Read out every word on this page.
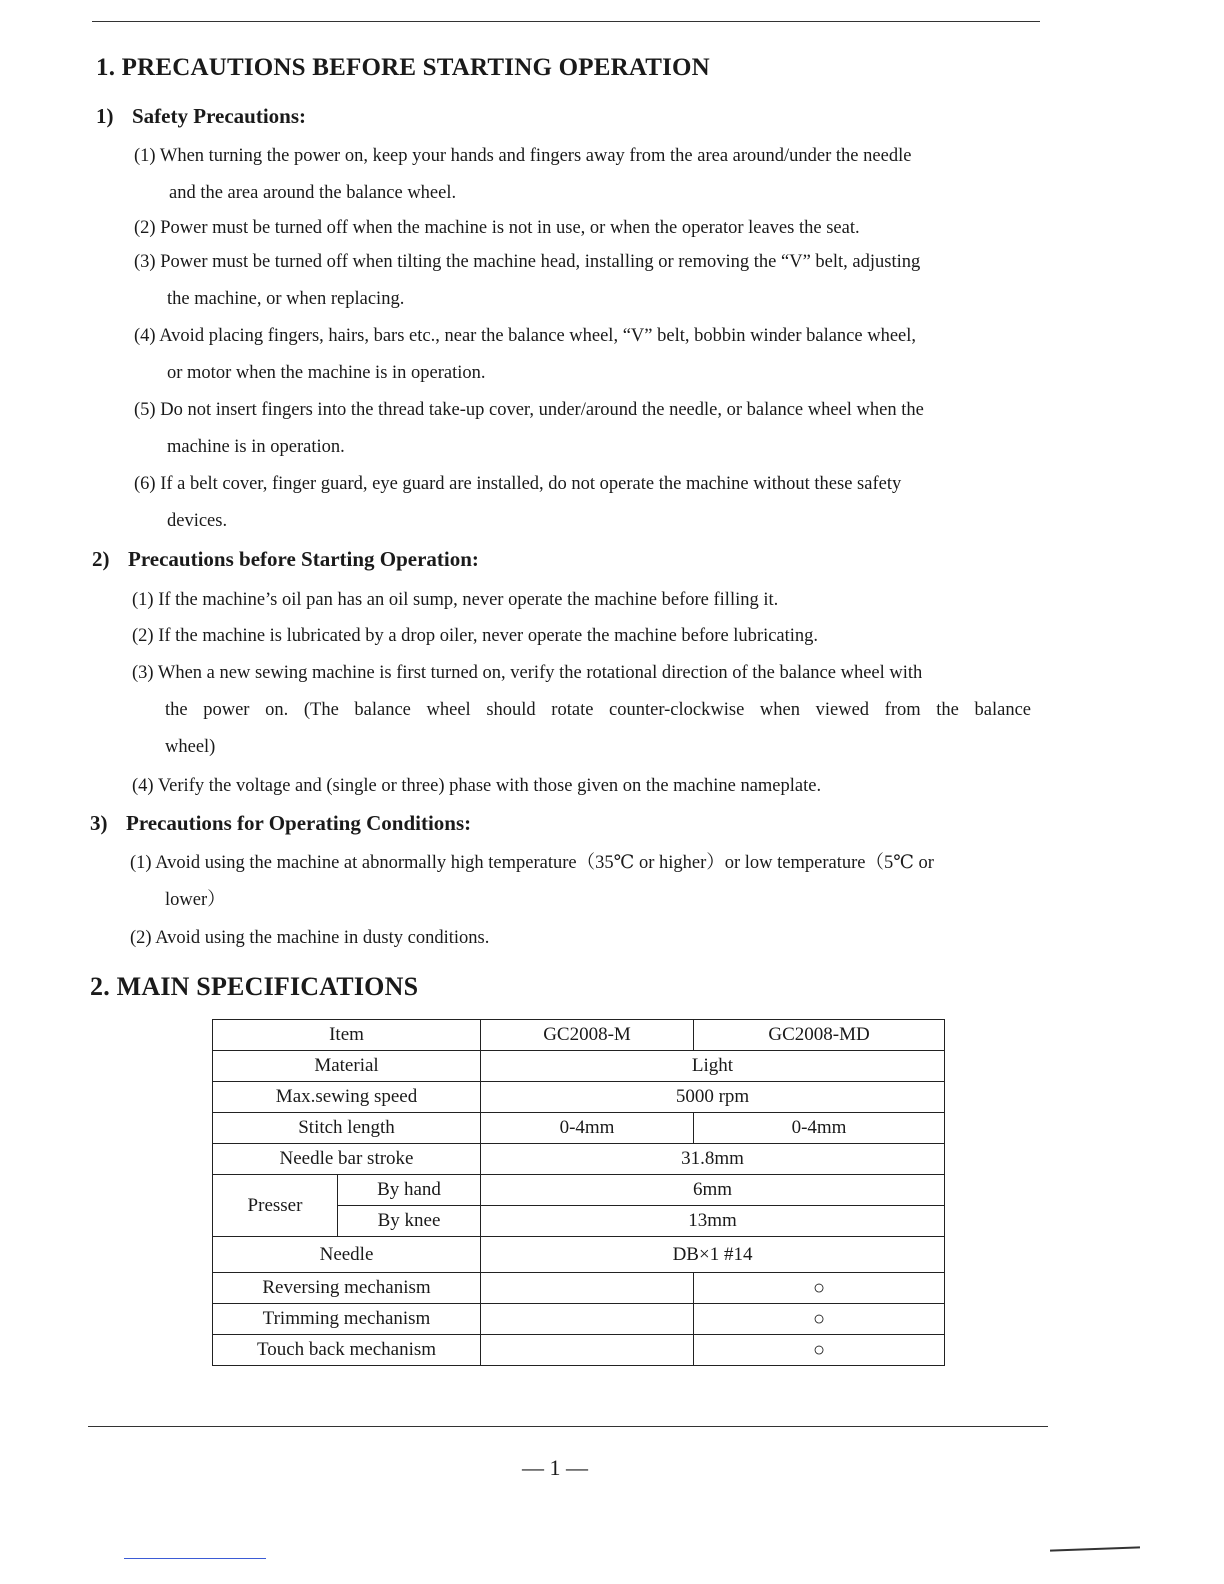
1. PRECAUTIONS BEFORE STARTING OPERATION
1) Safety Precautions:
(1) When turning the power on, keep your hands and fingers away from the area around/under the needle
and the area around the balance wheel.
(2) Power must be turned off when the machine is not in use, or when the operator leaves the seat.
(3) Power must be turned off when tilting the machine head, installing or removing the “V” belt, adjusting
the machine, or when replacing.
(4) Avoid placing fingers, hairs, bars etc., near the balance wheel, “V” belt, bobbin winder balance wheel,
or motor when the machine is in operation.
(5) Do not insert fingers into the thread take-up cover, under/around the needle, or balance wheel when the
machine is in operation.
(6) If a belt cover, finger guard, eye guard are installed, do not operate the machine without these safety
devices.
2) Precautions before Starting Operation:
(1) If the machine’s oil pan has an oil sump, never operate the machine before filling it.
(2) If the machine is lubricated by a drop oiler, never operate the machine before lubricating.
(3) When a new sewing machine is first turned on, verify the rotational direction of the balance wheel with
the power on. (The balance wheel should rotate counter-clockwise when viewed from the balance
wheel)
(4) Verify the voltage and (single or three) phase with those given on the machine nameplate.
3) Precautions for Operating Conditions:
(1) Avoid using the machine at abnormally high temperature（35℃ or higher）or low temperature（5℃ or
lower）
(2) Avoid using the machine in dusty conditions.
2. MAIN SPECIFICATIONS
Item		GC2008-M	GC2008-MD
Material		Light	
Max.sewing speed		5000 rpm	
Stitch length		0-4mm	0-4mm
Needle bar stroke		31.8mm	
Presser	By hand	6mm	
	By knee	13mm	
Needle		DB×1 #14	
Reversing mechanism			○
Trimming mechanism			○
Touch back mechanism			○
— 1 —
